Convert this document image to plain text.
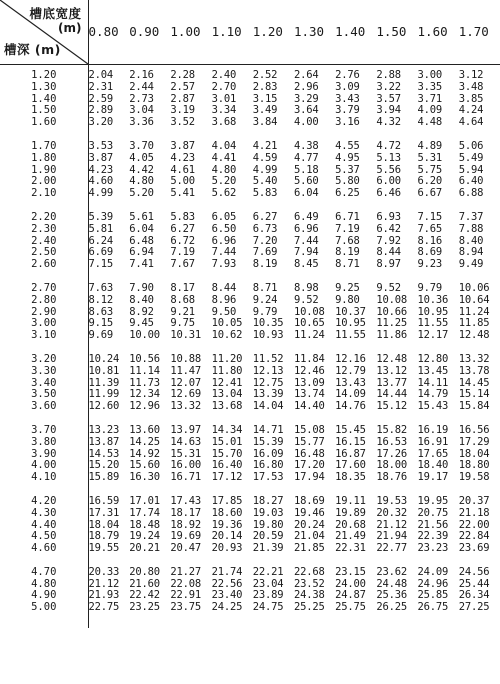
槽底宽度
(m)
槽深 (m)	0.80	0.90	1.00	1.10	1.20	1.30	1.40	1.50	1.60	1.70

1.20	2.04	2.16	2.28	2.40	2.52	2.64	2.76	2.88	3.00	3.12
1.30	2.31	2.44	2.57	2.70	2.83	2.96	3.09	3.22	3.35	3.48
1.40	2.59	2.73	2.87	3.01	3.15	3.29	3.43	3.57	3.71	3.85
1.50	2.89	3.04	3.19	3.34	3.49	3.64	3.79	3.94	4.09	4.24
1.60	3.20	3.36	3.52	3.68	3.84	4.00	3.16	4.32	4.48	4.64

1.70	3.53	3.70	3.87	4.04	4.21	4.38	4.55	4.72	4.89	5.06
1.80	3.87	4.05	4.23	4.41	4.59	4.77	4.95	5.13	5.31	5.49
1.90	4.23	4.42	4.61	4.80	4.99	5.18	5.37	5.56	5.75	5.94
2.00	4.60	4.80	5.00	5.20	5.40	5.60	5.80	6.00	6.20	6.40
2.10	4.99	5.20	5.41	5.62	5.83	6.04	6.25	6.46	6.67	6.88

2.20	5.39	5.61	5.83	6.05	6.27	6.49	6.71	6.93	7.15	7.37
2.30	5.81	6.04	6.27	6.50	6.73	6.96	7.19	6.42	7.65	7.88
2.40	6.24	6.48	6.72	6.96	7.20	7.44	7.68	7.92	8.16	8.40
2.50	6.69	6.94	7.19	7.44	7.69	7.94	8.19	8.44	8.69	8.94
2.60	7.15	7.41	7.67	7.93	8.19	8.45	8.71	8.97	9.23	9.49

2.70	7.63	7.90	8.17	8.44	8.71	8.98	9.25	9.52	9.79	10.06
2.80	8.12	8.40	8.68	8.96	9.24	9.52	9.80	10.08	10.36	10.64
2.90	8.63	8.92	9.21	9.50	9.79	10.08	10.37	10.66	10.95	11.24
3.00	9.15	9.45	9.75	10.05	10.35	10.65	10.95	11.25	11.55	11.85
3.10	9.69	10.00	10.31	10.62	10.93	11.24	11.55	11.86	12.17	12.48

3.20	10.24	10.56	10.88	11.20	11.52	11.84	12.16	12.48	12.80	13.32
3.30	10.81	11.14	11.47	11.80	12.13	12.46	12.79	13.12	13.45	13.78
3.40	11.39	11.73	12.07	12.41	12.75	13.09	13.43	13.77	14.11	14.45
3.50	11.99	12.34	12.69	13.04	13.39	13.74	14.09	14.44	14.79	15.14
3.60	12.60	12.96	13.32	13.68	14.04	14.40	14.76	15.12	15.43	15.84

3.70	13.23	13.60	13.97	14.34	14.71	15.08	15.45	15.82	16.19	16.56
3.80	13.87	14.25	14.63	15.01	15.39	15.77	16.15	16.53	16.91	17.29
3.90	14.53	14.92	15.31	15.70	16.09	16.48	16.87	17.26	17.65	18.04
4.00	15.20	15.60	16.00	16.40	16.80	17.20	17.60	18.00	18.40	18.80
4.10	15.89	16.30	16.71	17.12	17.53	17.94	18.35	18.76	19.17	19.58

4.20	16.59	17.01	17.43	17.85	18.27	18.69	19.11	19.53	19.95	20.37
4.30	17.31	17.74	18.17	18.60	19.03	19.46	19.89	20.32	20.75	21.18
4.40	18.04	18.48	18.92	19.36	19.80	20.24	20.68	21.12	21.56	22.00
4.50	18.79	19.24	19.69	20.14	20.59	21.04	21.49	21.94	22.39	22.84
4.60	19.55	20.21	20.47	20.93	21.39	21.85	22.31	22.77	23.23	23.69

4.70	20.33	20.80	21.27	21.74	22.21	22.68	23.15	23.62	24.09	24.56
4.80	21.12	21.60	22.08	22.56	23.04	23.52	24.00	24.48	24.96	25.44
4.90	21.93	22.42	22.91	23.40	23.89	24.38	24.87	25.36	25.85	26.34
5.00	22.75	23.25	23.75	24.25	24.75	25.25	25.75	26.25	26.75	27.25
